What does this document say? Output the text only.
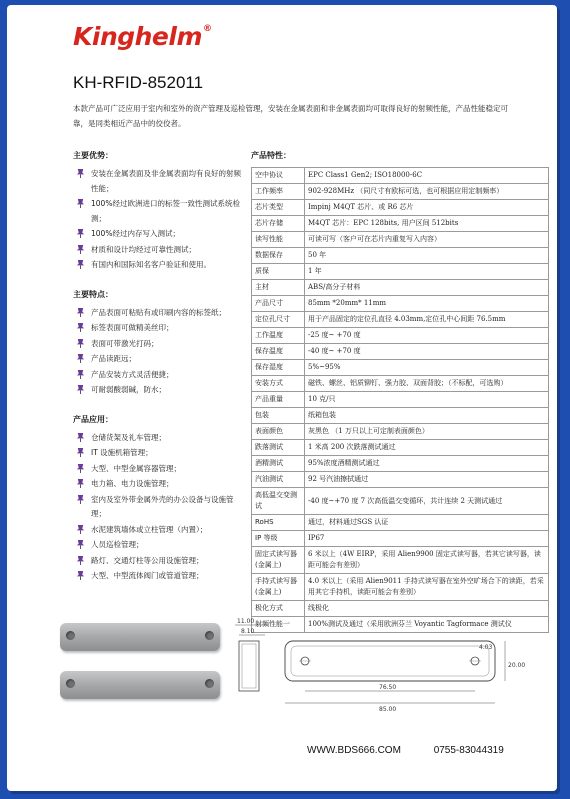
Kinghelm®
KH-RFID-852011
本款产品可广泛应用于室内和室外的资产管理及巡检管理，安装在金属表面和非金属表面均可取得良好的射频性能，产品性能稳定可靠，是同类相近产品中的佼佼者。
主要优势：
安装在金属表面及非金属表面均有良好的射频性能；
100%经过欧洲进口的标签一致性测试系统检测；
100%经过内存写入测试；
材质和设计均经过可靠性测试；
有国内和国际知名客户验证和使用。
主要特点：
产品表面可粘贴有或印刷内容的标签纸；
标签表面可做精美丝印；
表面可带激光打码；
产品读距远；
产品安装方式灵活便捷；
可耐弱酸弱碱，防水；
产品应用：
仓储货架及礼车管理；
IT 设施机箱管理；
大型、中型金属容器管理；
电力箱、电力设施管理；
室内及室外带金属外壳的办公设备与设施管理；
水泥建筑墙体或立柱管理（内置）；
人员巡检管理；
路灯、交通灯柱等公用设施管理；
大型、中型流体阀门或管道管理；
产品特性：
空中协议	EPC Class1 Gen2; ISO18000-6C
工作频率	902-928MHz （同尺寸有欧标可选，也可根据应用定制频率）
芯片类型	Impinj M4QT 芯片、或 R6 芯片
芯片存储	M4QT 芯片：EPC 128bits, 用户区间 512bits
读写性能	可读可写（客户可在芯片内重复写入内容）
数据保存	50 年
质保	1 年
主材	ABS/高分子材料
产品尺寸	85mm *20mm* 11mm
定位孔尺寸	用于产品固定的定位孔直径 4.03mm,定位孔中心间距 76.5mm
工作温度	-25 度~ +70 度
保存温度	-40 度~ +70 度
保存湿度	5%~95%
安装方式	磁铁、螺丝、铝质铆钉、强力胶、双面背胶；（不标配，可选购）
产品重量	10 克/只
包装	纸箱包装
表面颜色	灰黑色 （1 万只以上可定制表面颜色）
跌落测试	1 米高 200 次跌落测试通过
酒精测试	95%浓度酒精测试通过
汽油测试	92 号汽油擦拭通过
高低温交变测试	-40 度~+70 度 7 次高低温交变循环，共计连续 2 天测试通过
RoHS	通过，材料通过SGS 认证
IP 等级	IP67
固定式读写器(金属上)	6 米以上（4W EIRP，采用 Alien9900 固定式读写器，若其它读写器，读距可能会有差别）
手持式读写器(金属上)	4.0 米以上（采用 Alien9011 手持式读写器在室外空旷场合下的读距，若采用其它手持机，读距可能会有差别）
极化方式	线极化
射频性能一	100%测试及通过（采用欧洲芬兰 Voyantic Tagformace 测试仪
11.00
8.10
4.03
20.00
76.50
85.00
WWW.BDS666.COM	0755-83044319
